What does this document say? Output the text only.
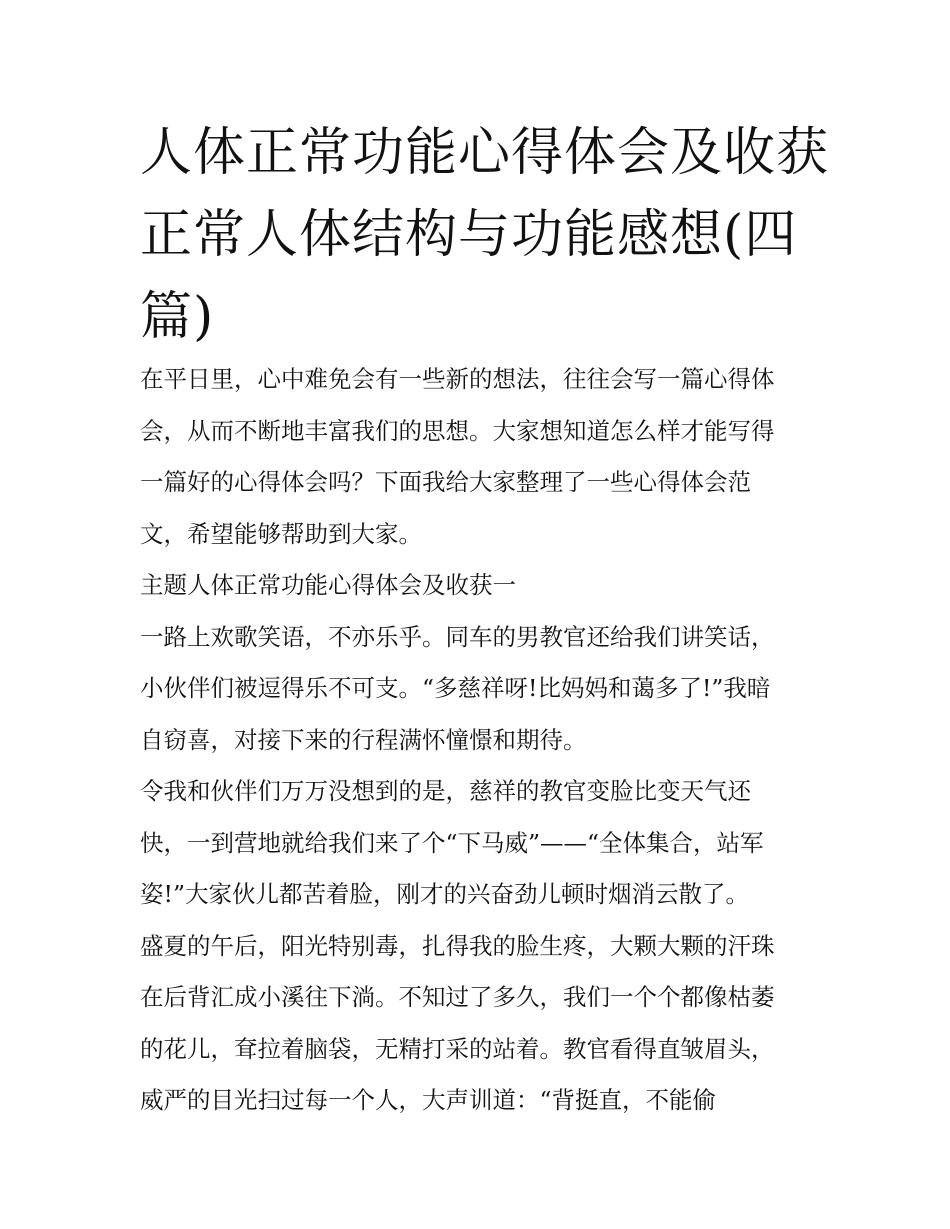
人体正常功能心得体会及收获
正常人体结构与功能感想(四
篇)
在平日里，心中难免会有一些新的想法，往往会写一篇心得体
会，从而不断地丰富我们的思想。大家想知道怎么样才能写得
一篇好的心得体会吗？下面我给大家整理了一些心得体会范
文，希望能够帮助到大家。
主题人体正常功能心得体会及收获一
一路上欢歌笑语，不亦乐乎。同车的男教官还给我们讲笑话，
小伙伴们被逗得乐不可支。“多慈祥呀!比妈妈和蔼多了!”我暗
自窃喜，对接下来的行程满怀憧憬和期待。
令我和伙伴们万万没想到的是，慈祥的教官变脸比变天气还
快，一到营地就给我们来了个“下马威”——“全体集合，站军
姿!”大家伙儿都苦着脸，刚才的兴奋劲儿顿时烟消云散了。
盛夏的午后，阳光特别毒，扎得我的脸生疼，大颗大颗的汗珠
在后背汇成小溪往下淌。不知过了多久，我们一个个都像枯萎
的花儿，耷拉着脑袋，无精打采的站着。教官看得直皱眉头，
威严的目光扫过每一个人，大声训道：“背挺直，不能偷
